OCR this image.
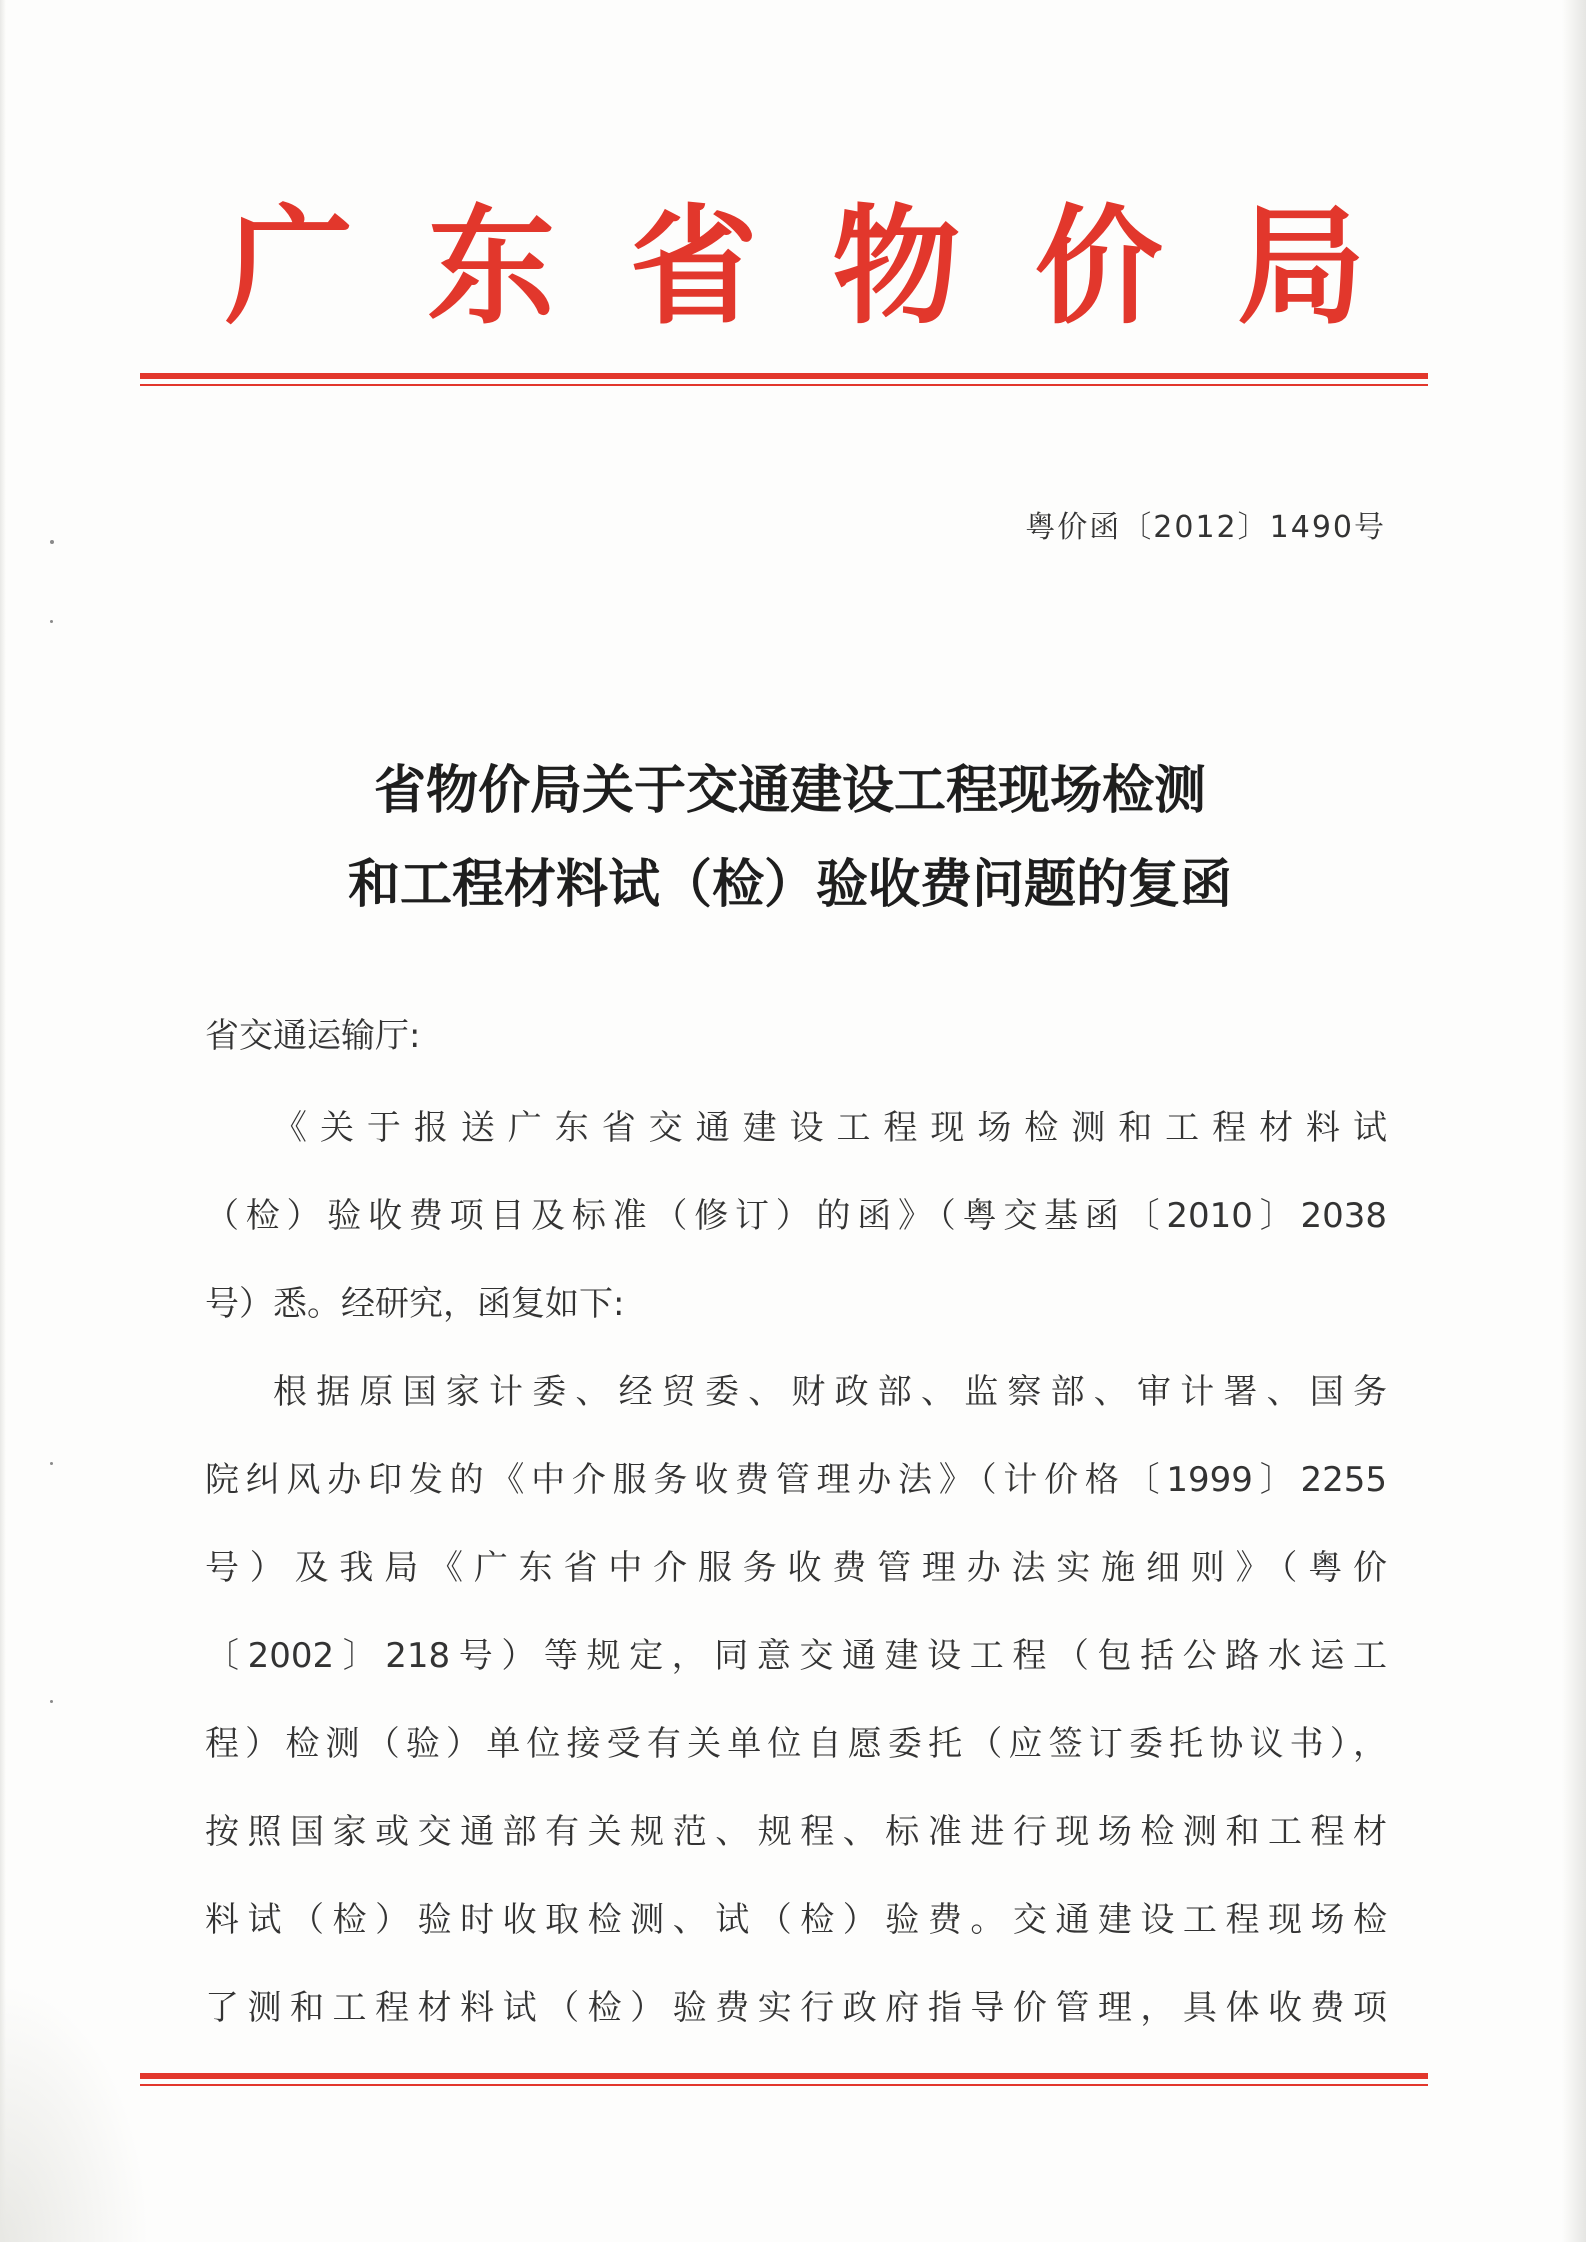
广 东 省 物 价 局
粤价函〔2012〕1490号
省物价局关于交通建设工程现场检测
和工程材料试（检）验收费问题的复函
省交通运输厅:
《关于报送广东省交通建设工程现场检测和工程材料试
（检）验收费项目及标准（修订）的函》（粤交基函〔2010〕2038
号）悉。经研究，函复如下:
根据原国家计委、经贸委、财政部、监察部、审计署、国务
院纠风办印发的《中介服务收费管理办法》（计价格〔1999〕2255
号）及我局《广东省中介服务收费管理办法实施细则》（粤价
〔2002〕218号）等规定，同意交通建设工程（包括公路水运工
程）检测（验）单位接受有关单位自愿委托（应签订委托协议书），
按照国家或交通部有关规范、规程、标准进行现场检测和工程材
料试（检）验时收取检测、试（检）验费。交通建设工程现场检
了测和工程材料试（检）验费实行政府指导价管理，具体收费项
